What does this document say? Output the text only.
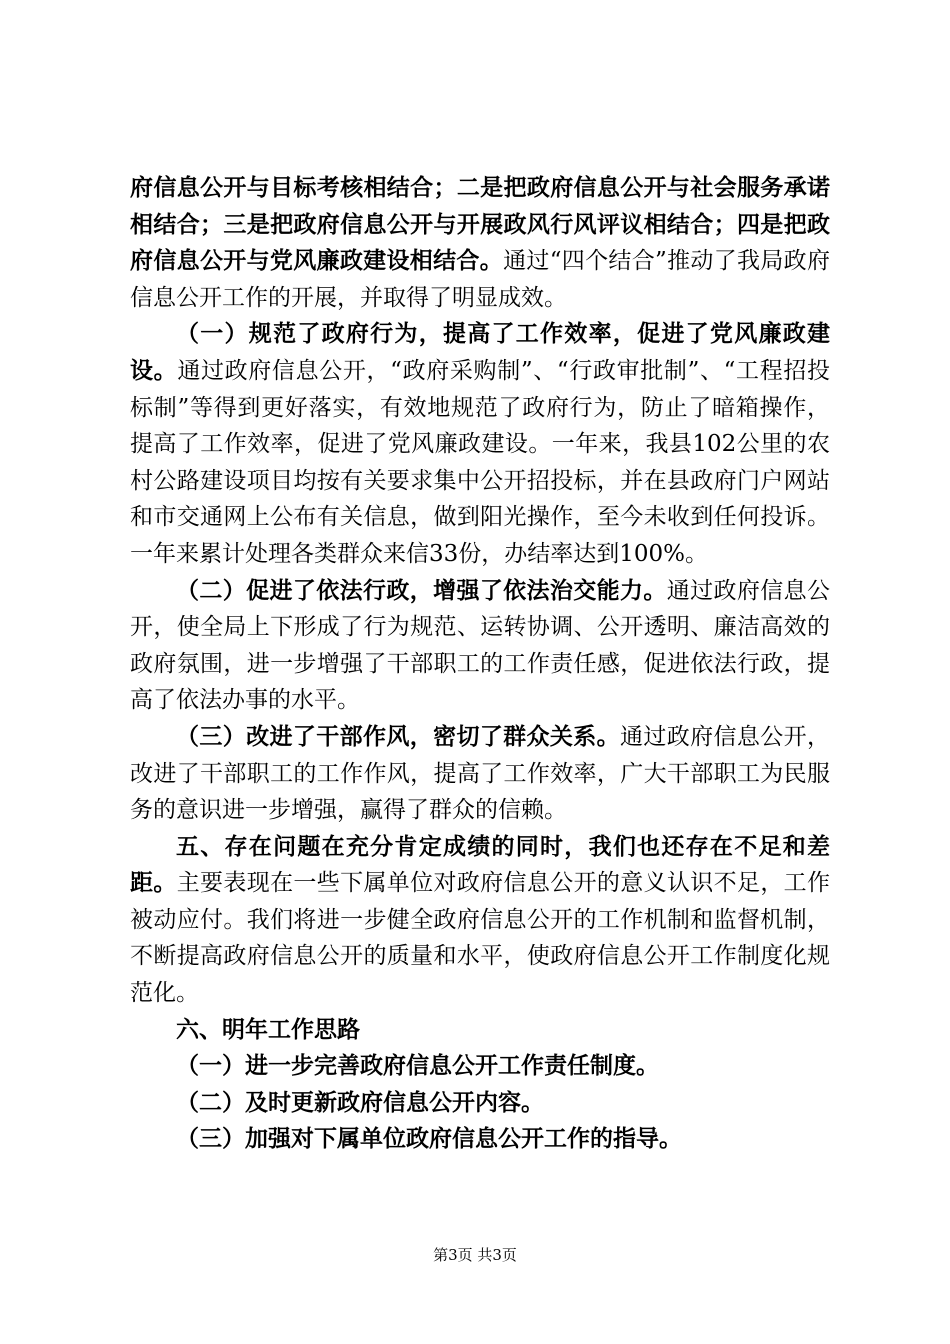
府信息公开与目标考核相结合；二是把政府信息公开与社会服务承诺相结合；三是把政府信息公开与开展政风行风评议相结合；四是把政府信息公开与党风廉政建设相结合。通过“四个结合”推动了我局政府信息公开工作的开展，并取得了明显成效。

（一）规范了政府行为，提高了工作效率，促进了党风廉政建设。通过政府信息公开，“政府采购制”、“行政审批制”、“工程招投标制”等得到更好落实，有效地规范了政府行为，防止了暗箱操作，提高了工作效率，促进了党风廉政建设。一年来，我县102公里的农村公路建设项目均按有关要求集中公开招投标，并在县政府门户网站和市交通网上公布有关信息，做到阳光操作，至今未收到任何投诉。一年来累计处理各类群众来信33份，办结率达到100%。

（二）促进了依法行政，增强了依法治交能力。通过政府信息公开，使全局上下形成了行为规范、运转协调、公开透明、廉洁高效的政府氛围，进一步增强了干部职工的工作责任感，促进依法行政，提高了依法办事的水平。

（三）改进了干部作风，密切了群众关系。通过政府信息公开，改进了干部职工的工作作风，提高了工作效率，广大干部职工为民服务的意识进一步增强，赢得了群众的信赖。

五、存在问题在充分肯定成绩的同时，我们也还存在不足和差距。主要表现在一些下属单位对政府信息公开的意义认识不足，工作被动应付。我们将进一步健全政府信息公开的工作机制和监督机制，不断提高政府信息公开的质量和水平，使政府信息公开工作制度化规范化。

六、明年工作思路

（一）进一步完善政府信息公开工作责任制度。

（二）及时更新政府信息公开内容。

（三）加强对下属单位政府信息公开工作的指导。

第3页 共3页
